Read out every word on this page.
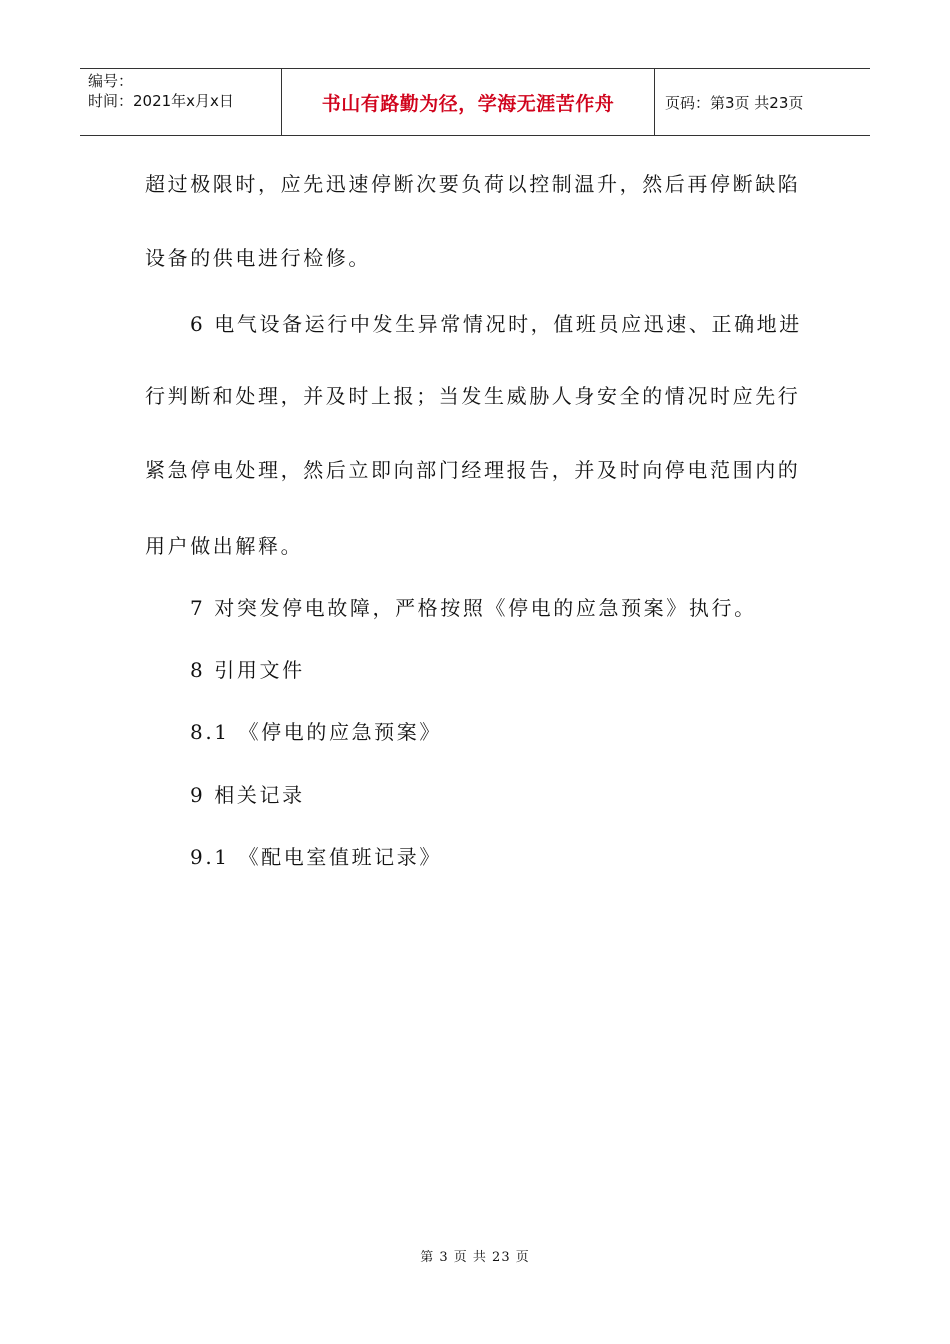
编号：
时间：2021年x月x日	书山有路勤为径，学海无涯苦作舟	页码：第3页 共23页
超过极限时，应先迅速停断次要负荷以控制温升，然后再停断缺陷
设备的供电进行检修。
6 电气设备运行中发生异常情况时，值班员应迅速、正确地进
行判断和处理，并及时上报；当发生威胁人身安全的情况时应先行
紧急停电处理，然后立即向部门经理报告，并及时向停电范围内的
用户做出解释。
7 对突发停电故障，严格按照《停电的应急预案》执行。
8 引用文件
8.1 《停电的应急预案》
9 相关记录
9.1 《配电室值班记录》
第 3 页 共 23 页
